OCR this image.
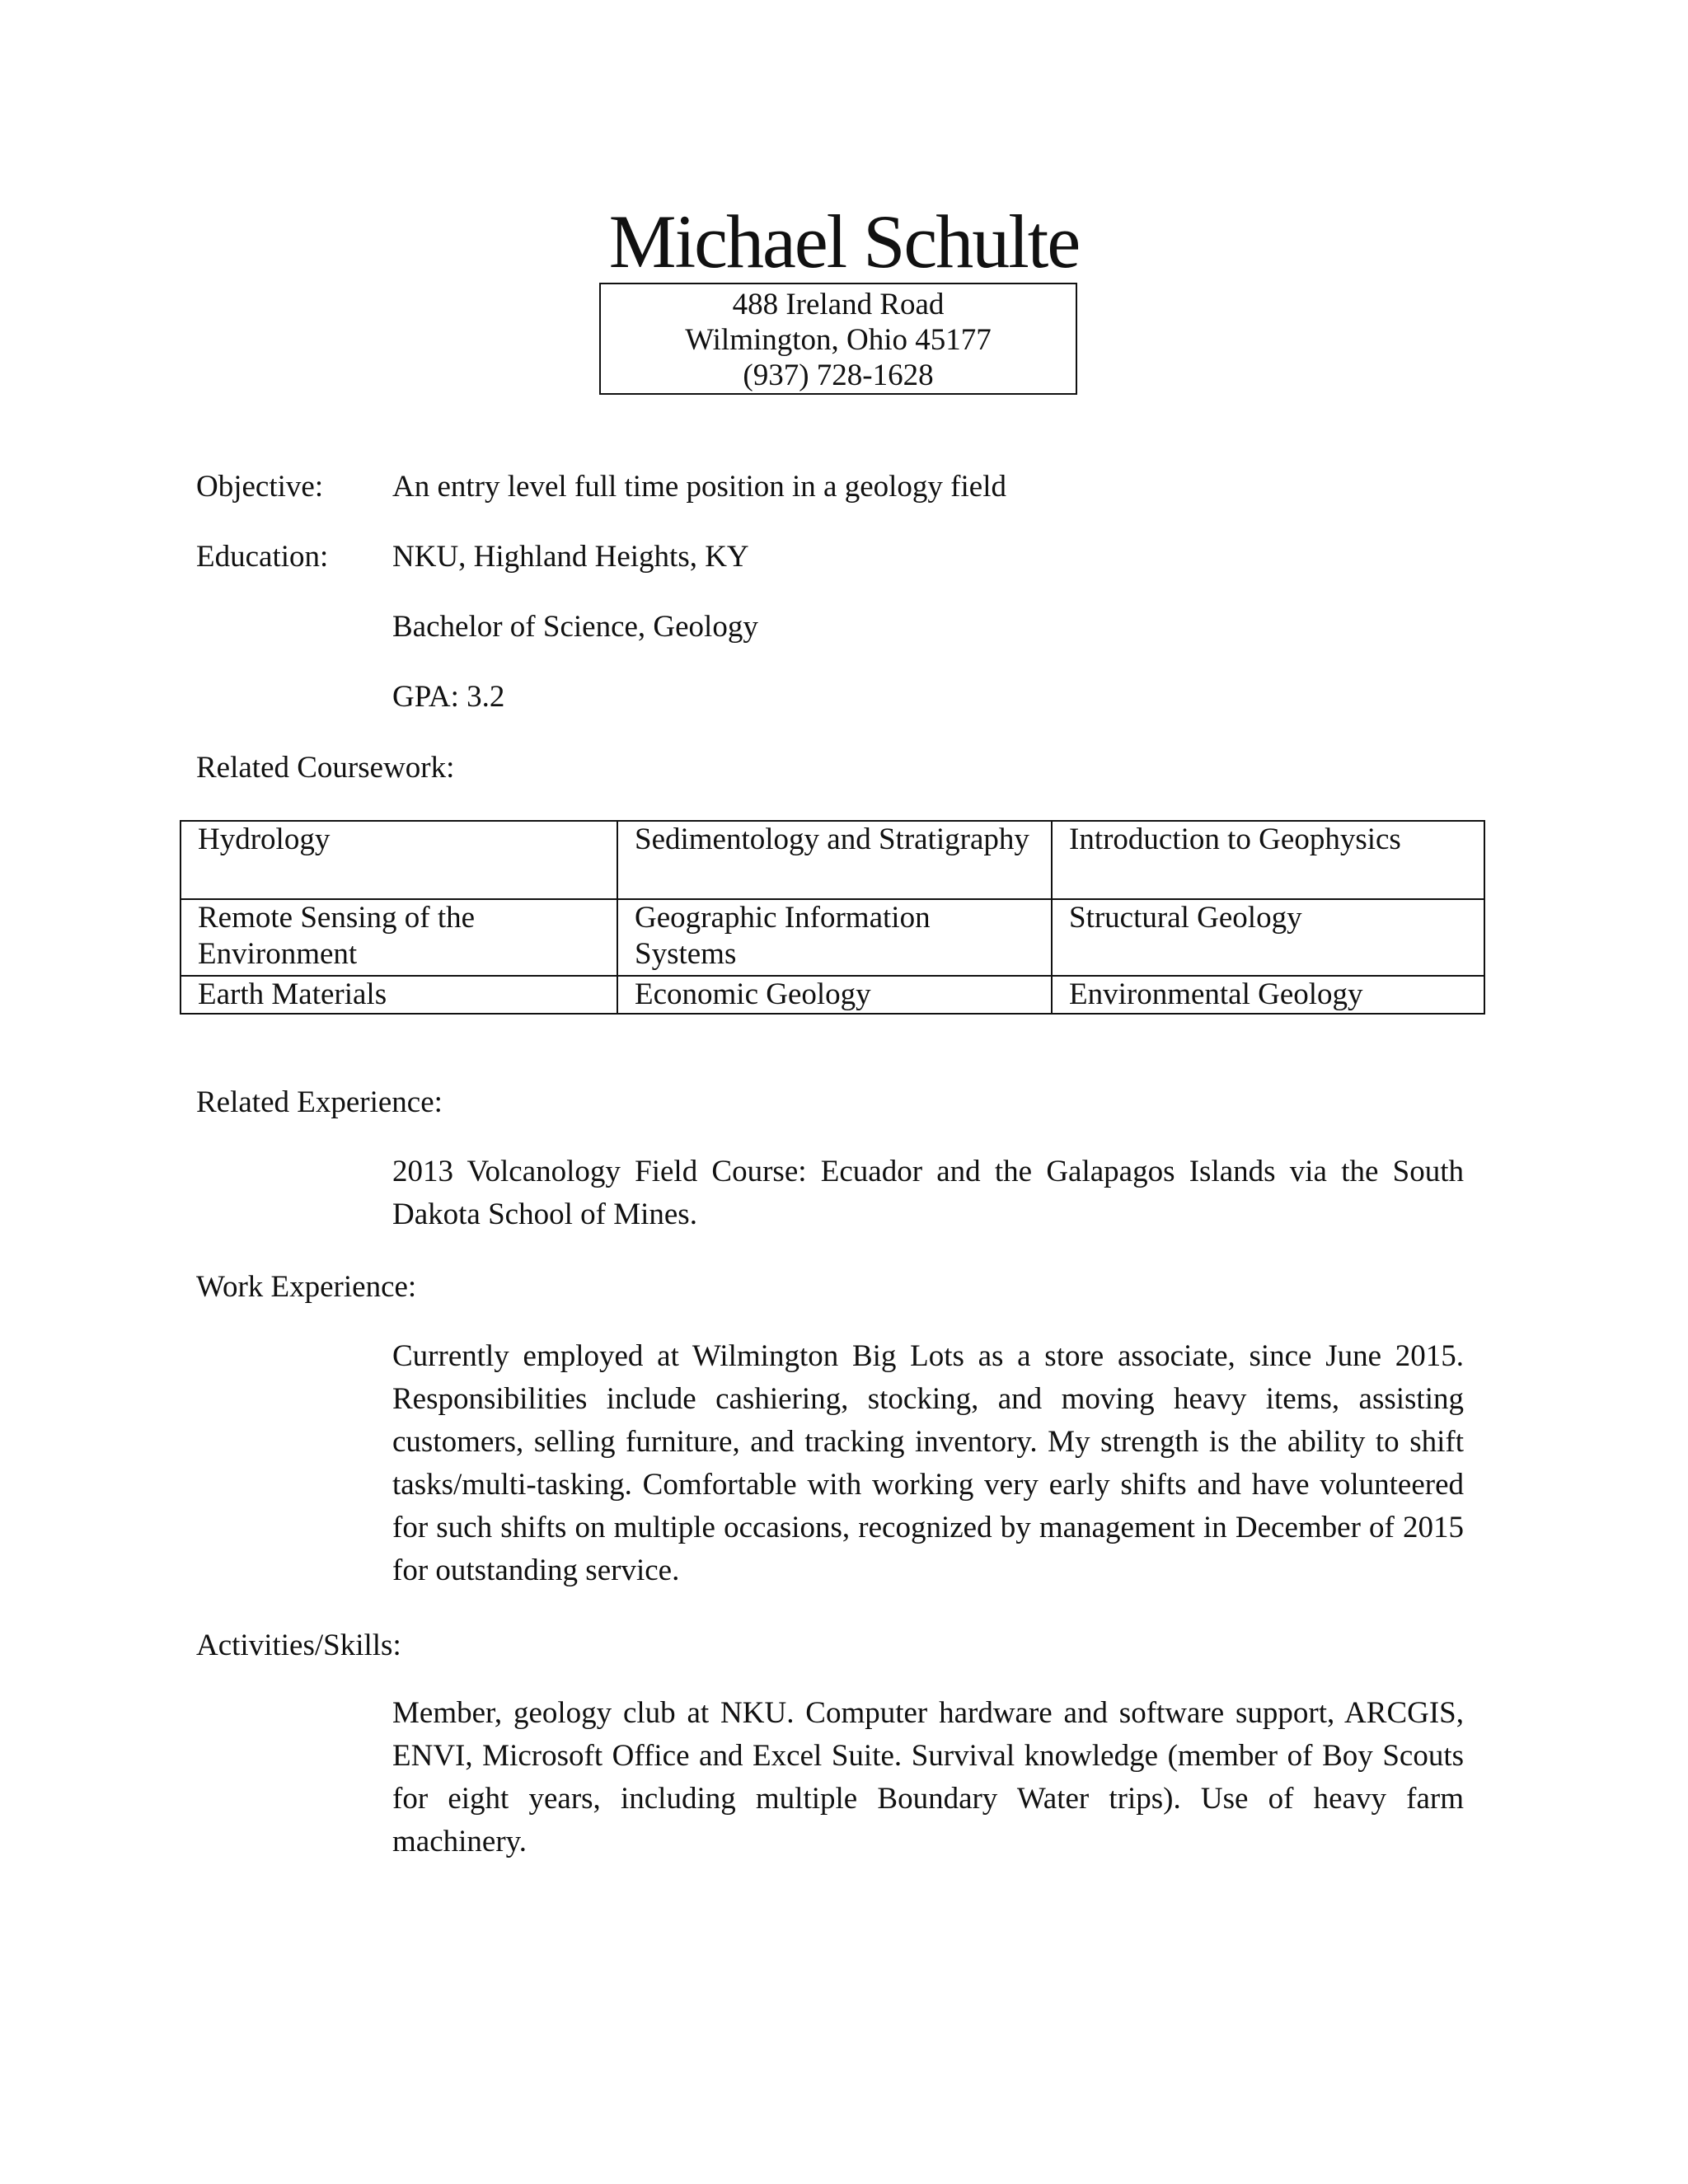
Michael Schulte
488 Ireland Road
Wilmington, Ohio 45177
(937) 728-1628
Objective: An entry level full time position in a geology field
Education: NKU, Highland Heights, KY
Bachelor of Science, Geology
GPA: 3.2
Related Coursework:
Hydrology	Sedimentology and Stratigraphy	Introduction to Geophysics
Remote Sensing of the Environment	Geographic Information Systems	Structural Geology
Earth Materials	Economic Geology	Environmental Geology
Related Experience:
2013 Volcanology Field Course: Ecuador and the Galapagos Islands via the South Dakota School of Mines.
Work Experience:
Currently employed at Wilmington Big Lots as a store associate, since June 2015. Responsibilities include cashiering, stocking, and moving heavy items, assisting customers, selling furniture, and tracking inventory. My strength is the ability to shift tasks/multi-tasking. Comfortable with working very early shifts and have volunteered for such shifts on multiple occasions, recognized by management in December of 2015 for outstanding service.
Activities/Skills:
Member, geology club at NKU. Computer hardware and software support, ARCGIS, ENVI, Microsoft Office and Excel Suite. Survival knowledge (member of Boy Scouts for eight years, including multiple Boundary Water trips). Use of heavy farm machinery.
